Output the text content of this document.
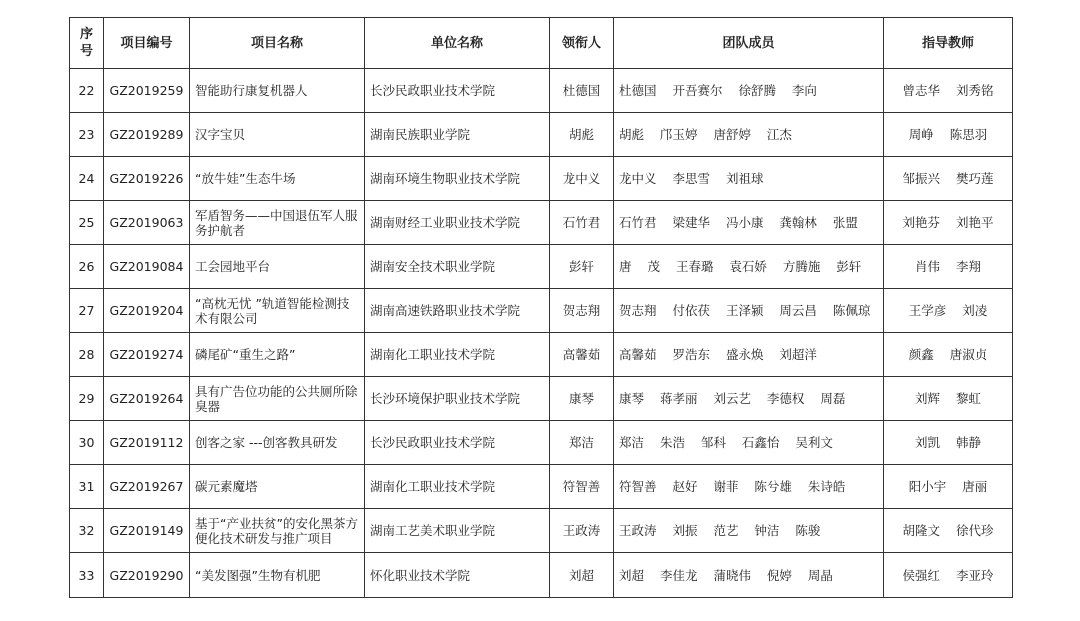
序
号	项目编号	项目名称	单位名称	领衔人	团队成员	指导教师
22	GZ2019259	智能助行康复机器人	长沙民政职业技术学院	杜德国	杜德国 开吾赛尔 徐舒腾 李向	曾志华 刘秀铭
23	GZ2019289	汉字宝贝	湖南民族职业学院	胡彪	胡彪 邝玉婷 唐舒婷 江杰	周峥 陈思羽
24	GZ2019226	“放牛娃”生态牛场	湖南环境生物职业技术学院	龙中义	龙中义 李思雪 刘祖球	邹振兴 樊巧莲
25	GZ2019063	军盾智务——中国退伍军人服务护航者	湖南财经工业职业技术学院	石竹君	石竹君 梁建华 冯小康 龚翰林 张盟	刘艳芬 刘艳平
26	GZ2019084	工会园地平台	湖南安全技术职业学院	彭轩	唐 茂 王春璐 袁石娇 方腾施 彭轩	肖伟 李翔
27	GZ2019204	“高枕无忧 ”轨道智能检测技术有限公司	湖南高速铁路职业技术学院	贺志翔	贺志翔 付依茯 王泽颍 周云昌 陈佩琼	王学彦 刘凌
28	GZ2019274	磷尾矿“重生之路”	湖南化工职业技术学院	高馨茹	高馨茹 罗浩东 盛永焕 刘超洋	颜鑫 唐淑贞
29	GZ2019264	具有广告位功能的公共厕所除臭器	长沙环境保护职业技术学院	康琴	康琴 蒋孝丽 刘云艺 李德权 周磊	刘辉 黎虹
30	GZ2019112	创客之家 ---创客教具研发	长沙民政职业技术学院	郑洁	郑洁 朱浩 邹科 石鑫怡 吴利文	刘凯 韩静
31	GZ2019267	碳元素魔塔	湖南化工职业技术学院	符智善	符智善 赵好 谢菲 陈兮雄 朱诗皓	阳小宇 唐丽
32	GZ2019149	基于“产业扶贫”的安化黑茶方便化技术研发与推广项目	湖南工艺美术职业学院	王政涛	王政涛 刘振 范艺 钟洁 陈骏	胡隆文 徐代珍
33	GZ2019290	“美发图强”生物有机肥	怀化职业技术学院	刘超	刘超 李佳龙 蒲晓伟 倪婷 周晶	侯强红 李亚玲
